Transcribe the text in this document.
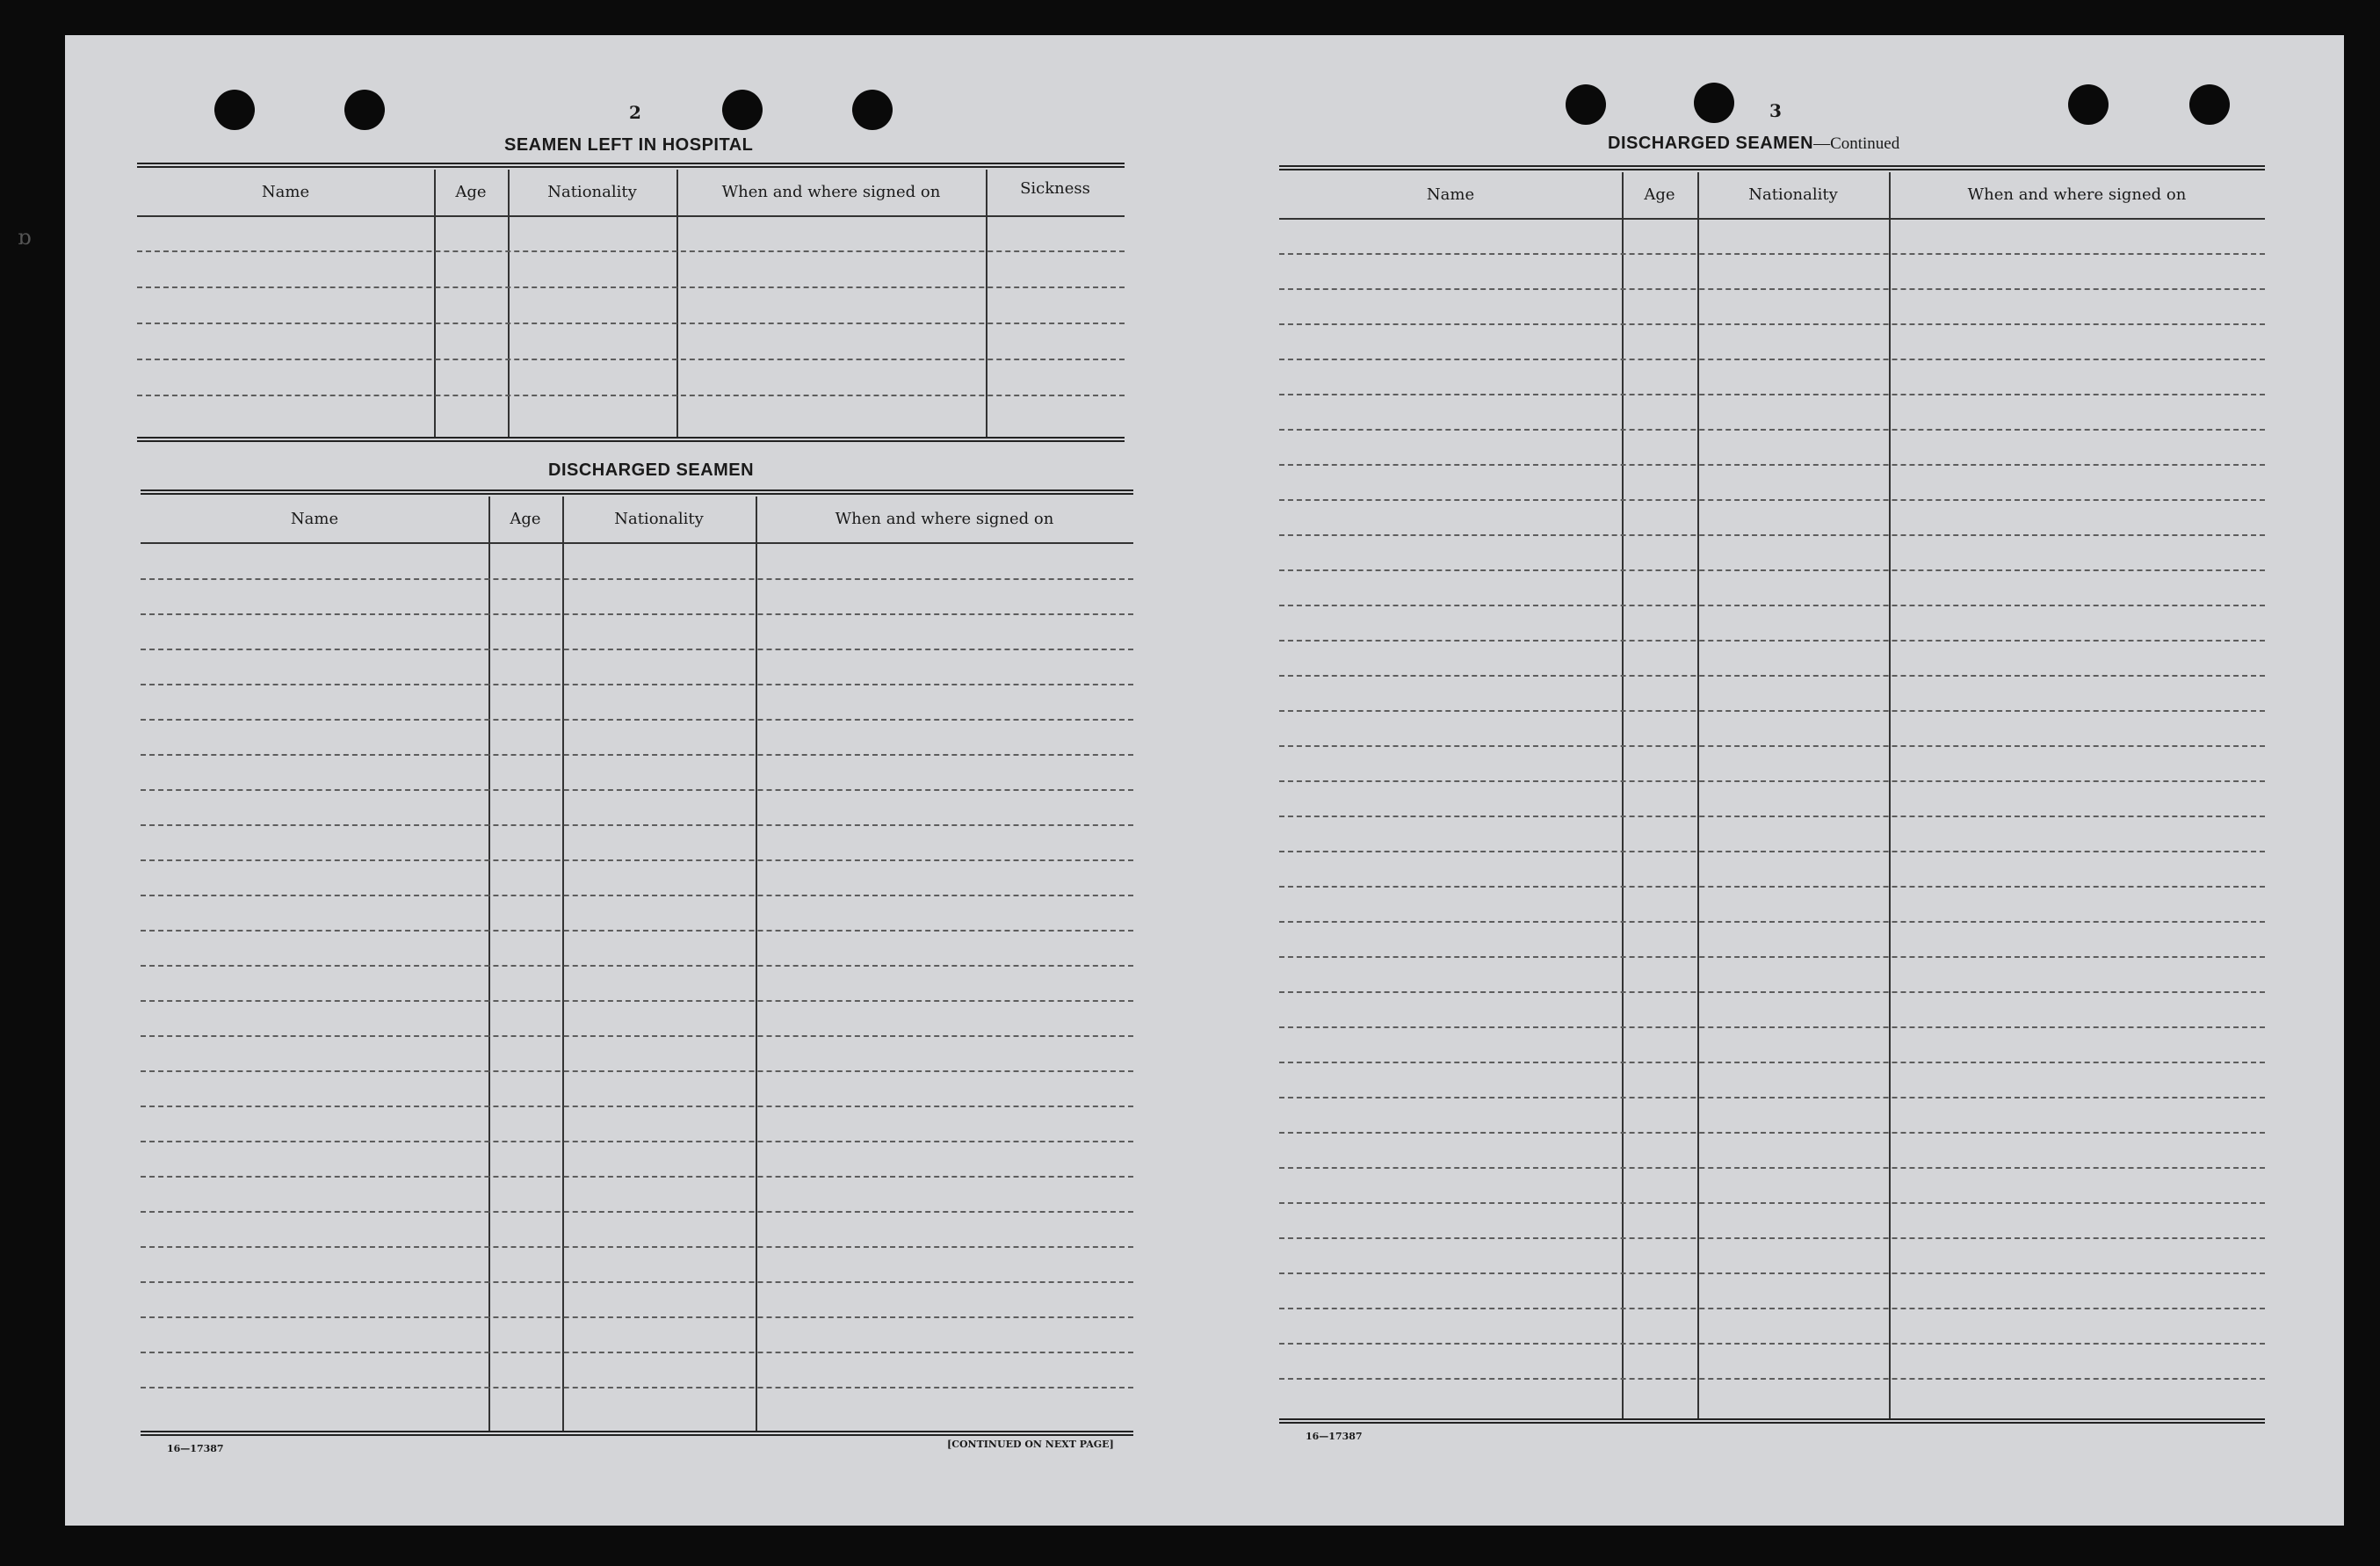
2
SEAMEN LEFT IN HOSPITAL
Name	Age	Nationality	When and where signed on	Sickness
DISCHARGED SEAMEN
Name	Age	Nationality	When and where signed on
16—17387	[CONTINUED ON NEXT PAGE]
3
DISCHARGED SEAMEN—Continued
Name	Age	Nationality	When and where signed on
16—17387
ɒ
